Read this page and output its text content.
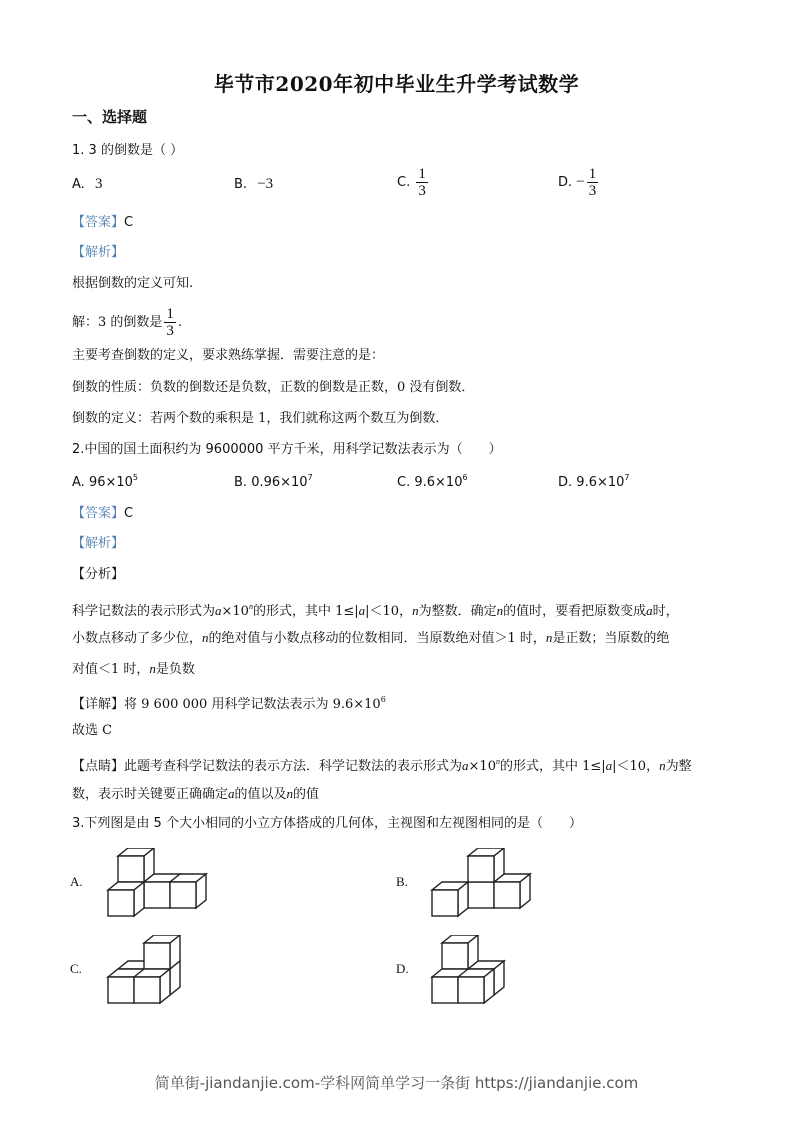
毕节市2020年初中毕业生升学考试数学
一、选择题
1. 3 的倒数是（ ）
A. 3	B. −3	C. $\frac{1}{3}$	D. − $\frac{1}{3}$
【答案】C
【解析】
根据倒数的定义可知.
解：3 的倒数是 $\frac{1}{3}$ .
主要考查倒数的定义，要求熟练掌握．需要注意的是：
倒数的性质：负数的倒数还是负数，正数的倒数是正数，0 没有倒数．
倒数的定义：若两个数的乘积是 1，我们就称这两个数互为倒数．
2.中国的国土面积约为 9600000 平方千米，用科学记数法表示为（　　）
A. $96\times 10^5$	B. $0.96\times 10^7$	C. $9.6\times 10^6$	D. $9.6\times 10^7$
【答案】C
【解析】
【分析】
科学记数法的表示形式为$a\times 10^n$的形式，其中 1≤|a|＜10，n为整数．确定n的值时，要看把原数变成a时，
小数点移动了多少位，n的绝对值与小数点移动的位数相同．当原数绝对值＞1 时，n是正数；当原数的绝
对值＜1 时，n是负数
【详解】将 9 600 000 用科学记数法表示为 $9.6\times 10^6$
故选 C
【点睛】此题考查科学记数法的表示方法．科学记数法的表示形式为$a\times 10^n$的形式，其中 1≤|a|＜10，n为整
数，表示时关键要正确确定a的值以及n的值
3.下列图是由 5 个大小相同的小立方体搭成的几何体，主视图和左视图相同的是（　　）
A.	B.
C.	D.
简单街-jiandanjie.com-学科网简单学习一条街 https://jiandanjie.com
